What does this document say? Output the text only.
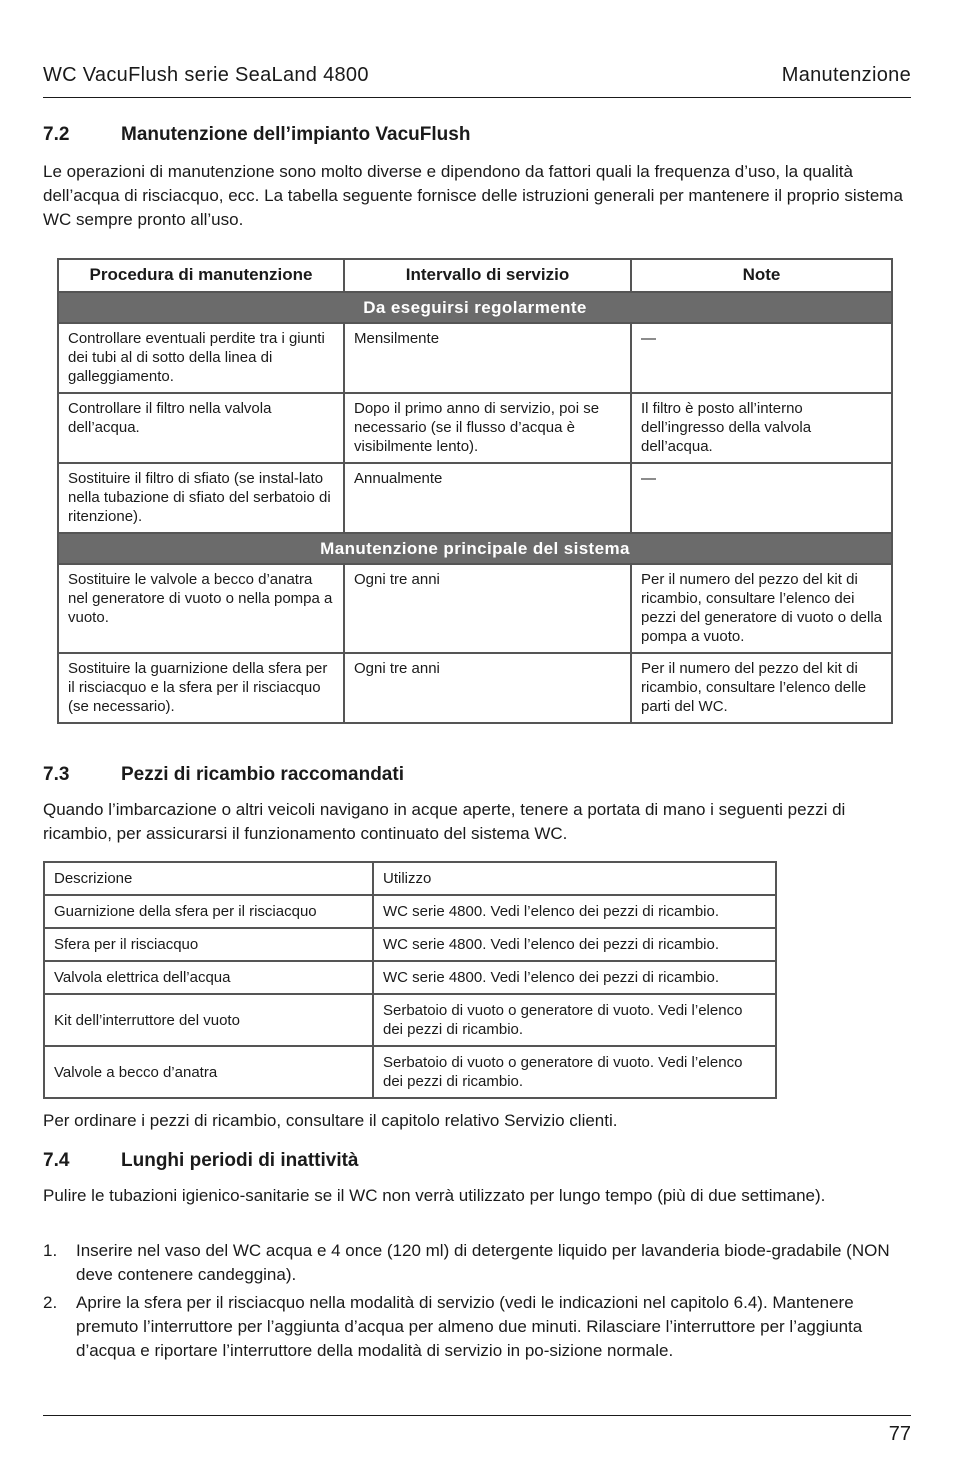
WC VacuFlush serie SeaLand 4800	Manutenzione
7.2	Manutenzione dell’impianto VacuFlush
Le operazioni di manutenzione sono molto diverse e dipendono da fattori quali la frequenza d’uso, la qualità dell’acqua di risciacquo, ecc. La tabella seguente fornisce delle istruzioni generali per mantenere il proprio sistema WC sempre pronto all’uso.
Procedura di manutenzione	Intervallo di servizio	Note
Da eseguirsi regolarmente		
Controllare eventuali perdite tra i giunti dei tubi al di sotto della linea di galleggiamento.	Mensilmente	—
Controllare il filtro nella valvola dell’acqua.	Dopo il primo anno di servizio, poi se necessario (se il flusso d’acqua è visibilmente lento).	Il filtro è posto all’interno dell’ingresso della valvola dell’acqua.
Sostituire il filtro di sfiato (se instal-lato nella tubazione di sfiato del serbatoio di ritenzione).	Annualmente	—
Manutenzione principale del sistema		
Sostituire le valvole a becco d’anatra nel generatore di vuoto o nella pompa a vuoto.	Ogni tre anni	Per il numero del pezzo del kit di ricambio, consultare l’elenco dei pezzi del generatore di vuoto o della pompa a vuoto.
Sostituire la guarnizione della sfera per il risciacquo e la sfera per il risciacquo (se necessario).	Ogni tre anni	Per il numero del pezzo del kit di ricambio, consultare l’elenco delle parti del WC.
7.3	Pezzi di ricambio raccomandati
Quando l’imbarcazione o altri veicoli navigano in acque aperte, tenere a portata di mano i seguenti pezzi di ricambio, per assicurarsi il funzionamento continuato del sistema WC.
Descrizione	Utilizzo
Guarnizione della sfera per il risciacquo	WC serie 4800. Vedi l’elenco dei pezzi di ricambio.
Sfera per il risciacquo	WC serie 4800. Vedi l’elenco dei pezzi di ricambio.
Valvola elettrica dell’acqua	WC serie 4800. Vedi l’elenco dei pezzi di ricambio.
Kit dell’interruttore del vuoto	Serbatoio di vuoto o generatore di vuoto. Vedi l’elenco dei pezzi di ricambio.
Valvole a becco d’anatra	Serbatoio di vuoto o generatore di vuoto. Vedi l’elenco dei pezzi di ricambio.
Per ordinare i pezzi di ricambio, consultare il capitolo relativo Servizio clienti.
7.4	Lunghi periodi di inattività
Pulire le tubazioni igienico-sanitarie se il WC non verrà utilizzato per lungo tempo (più di due settimane).
1. Inserire nel vaso del WC acqua e 4 once (120 ml) di detergente liquido per lavanderia biode-gradabile (NON deve contenere candeggina).
2. Aprire la sfera per il risciacquo nella modalità di servizio (vedi le indicazioni nel capitolo 6.4). Mantenere premuto l’interruttore per l’aggiunta d’acqua per almeno due minuti. Rilasciare l’interruttore per l’aggiunta d’acqua e riportare l’interruttore della modalità di servizio in po-sizione normale.
77
